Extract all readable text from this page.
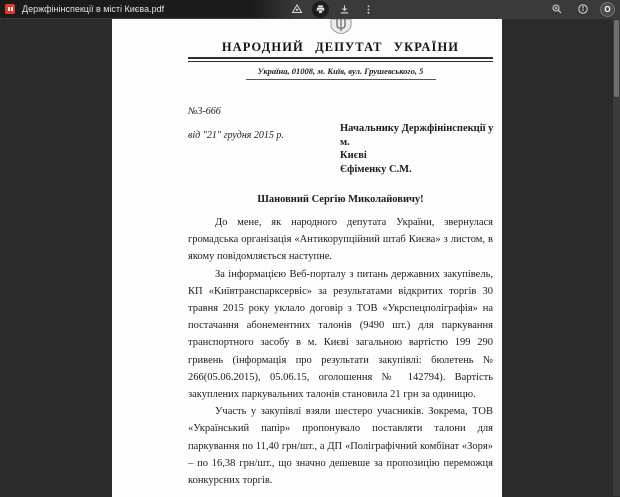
Держфінінспекції в місті Києва.pdf	O
НАРОДНИЙ ДЕПУТАТ УКРАЇНИ
Україна, 01008, м. Київ, вул. Грушевського, 5
№3-666
від "21" грудня 2015 р.
Начальнику Держфінінспекції у м.
Києві
Єфіменку С.М.
Шановний Сергію Миколайовичу!

До мене, як народного депутата України, звернулася громадська організація «Антикорупційний штаб Києва» з листом, в якому повідомляється наступне.

За інформацією Веб-порталу з питань державних закупівель, КП «Київтранспарксервіс» за результатами відкритих торгів 30 травня 2015 року уклало договір з ТОВ «Укрспецполіграфія» на постачання абонементних талонів (9490 шт.) для паркування транспортного засобу в м. Києві загальною вартістю 199 290 гривень (інформація про результати закупівлі: бюлетень № 266(05.06.2015), 05.06.15, оголошення № 142794). Вартість закуплених паркувальних талонів становила 21 грн за одиницю.

Участь у закупівлі взяли шестеро учасників. Зокрема, ТОВ «Український папір» пропонувало поставляти талони для паркування по 11,40 грн/шт., а ДП «Поліграфічний комбінат «Зоря» – по 16,38 грн/шт., що значно дешевше за пропозицію переможця конкурсних торгів.
